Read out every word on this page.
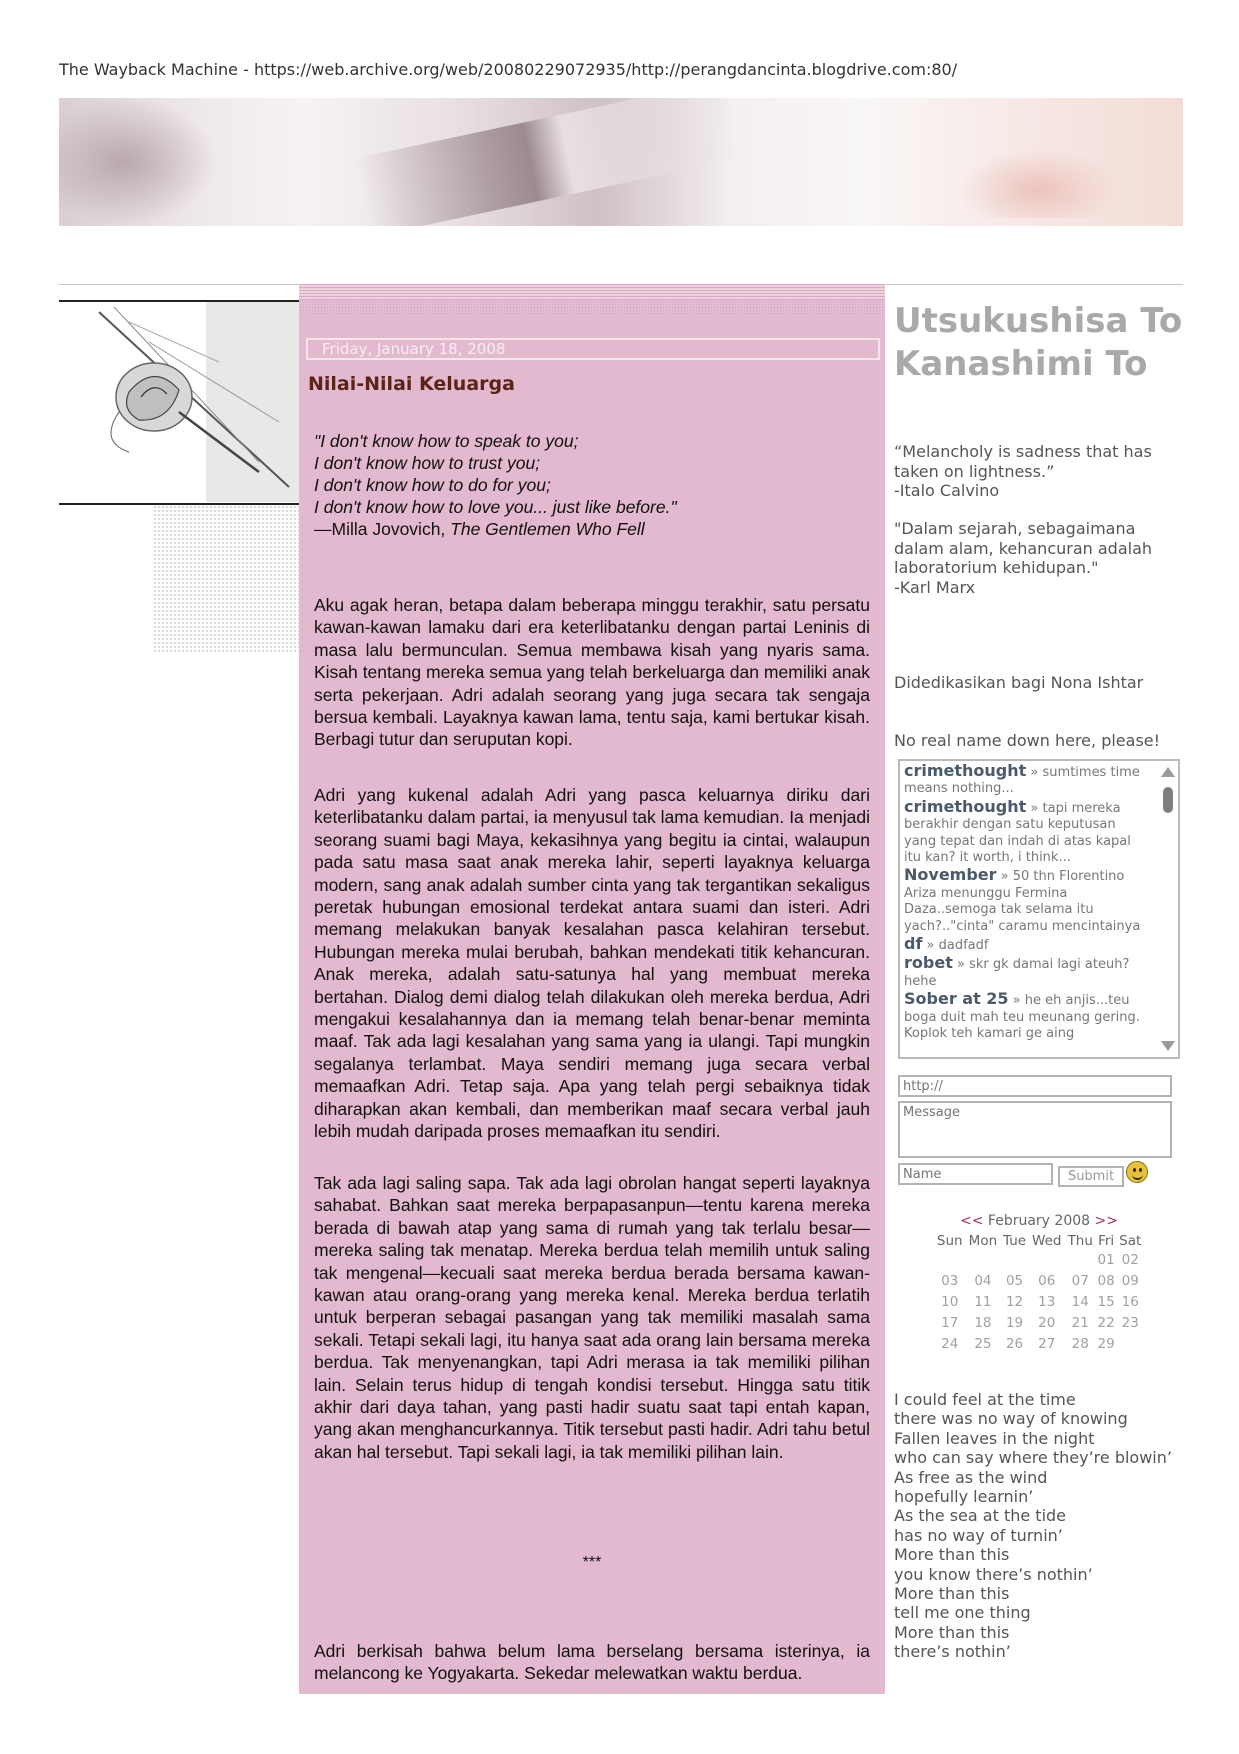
The Wayback Machine - https://web.archive.org/web/20080229072935/http://perangdancinta.blogdrive.com:80/
Friday, January 18, 2008
Nilai-Nilai Keluarga
"I don't know how to speak to you;
I don't know how to trust you;
I don't know how to do for you;
I don't know how to love you... just like before."
—Milla Jovovich, The Gentlemen Who Fell

Aku agak heran, betapa dalam beberapa minggu terakhir, satu persatu kawan-kawan lamaku dari era keterlibatanku dengan partai Leninis di masa lalu bermunculan. Semua membawa kisah yang nyaris sama. Kisah tentang mereka semua yang telah berkeluarga dan memiliki anak serta pekerjaan. Adri adalah seorang yang juga secara tak sengaja bersua kembali. Layaknya kawan lama, tentu saja, kami bertukar kisah. Berbagi tutur dan seruputan kopi.

Adri yang kukenal adalah Adri yang pasca keluarnya diriku dari keterlibatanku dalam partai, ia menyusul tak lama kemudian. Ia menjadi seorang suami bagi Maya, kekasihnya yang begitu ia cintai, walaupun pada satu masa saat anak mereka lahir, seperti layaknya keluarga modern, sang anak adalah sumber cinta yang tak tergantikan sekaligus peretak hubungan emosional terdekat antara suami dan isteri. Adri memang melakukan banyak kesalahan pasca kelahiran tersebut. Hubungan mereka mulai berubah, bahkan mendekati titik kehancuran. Anak mereka, adalah satu-satunya hal yang membuat mereka bertahan. Dialog demi dialog telah dilakukan oleh mereka berdua, Adri mengakui kesalahannya dan ia memang telah benar-benar meminta maaf. Tak ada lagi kesalahan yang sama yang ia ulangi. Tapi mungkin segalanya terlambat. Maya sendiri memang juga secara verbal memaafkan Adri. Tetap saja. Apa yang telah pergi sebaiknya tidak diharapkan akan kembali, dan memberikan maaf secara verbal jauh lebih mudah daripada proses memaafkan itu sendiri.

Tak ada lagi saling sapa. Tak ada lagi obrolan hangat seperti layaknya sahabat. Bahkan saat mereka berpapasanpun—tentu karena mereka berada di bawah atap yang sama di rumah yang tak terlalu besar—mereka saling tak menatap. Mereka berdua telah memilih untuk saling tak mengenal—kecuali saat mereka berdua berada bersama kawan-kawan atau orang-orang yang mereka kenal. Mereka berdua terlatih untuk berperan sebagai pasangan yang tak memiliki masalah sama sekali. Tetapi sekali lagi, itu hanya saat ada orang lain bersama mereka berdua. Tak menyenangkan, tapi Adri merasa ia tak memiliki pilihan lain. Selain terus hidup di tengah kondisi tersebut. Hingga satu titik akhir dari daya tahan, yang pasti hadir suatu saat tapi entah kapan, yang akan menghancurkannya. Titik tersebut pasti hadir. Adri tahu betul akan hal tersebut. Tapi sekali lagi, ia tak memiliki pilihan lain.

***

Adri berkisah bahwa belum lama berselang bersama isterinya, ia melancong ke Yogyakarta. Sekedar melewatkan waktu berdua.

Utsukushisa To
Kanashimi To
“Melancholy is sadness that has
taken on lightness.”
-Italo Calvino
"Dalam sejarah, sebagaimana
dalam alam, kehancuran adalah
laboratorium kehidupan."
-Karl Marx
Didedikasikan bagi Nona Ishtar
No real name down here, please!
crimethought » sumtimes time means nothing...
crimethought » tapi mereka berakhir dengan satu keputusan yang tepat dan indah di atas kapal itu kan? it worth, i think...
November » 50 thn Florentino Ariza menunggu Fermina Daza..semoga tak selama itu yach?.."cinta" caramu mencintainya
df » dadfadf
robet » skr gk damai lagi ateuh? hehe
Sober at 25 » he eh anjis...teu boga duit mah teu meunang gering. Koplok teh kamari ge aing
http://
Message
Name
Submit
<< February 2008 >>
Sun	Mon	Tue	Wed	Thu	Fri	Sat
					01	02
03	04	05	06	07	08	09
10	11	12	13	14	15	16
17	18	19	20	21	22	23
24	25	26	27	28	29	
I could feel at the time
there was no way of knowing
Fallen leaves in the night
who can say where they’re blowin’
As free as the wind
hopefully learnin’
As the sea at the tide
has no way of turnin’
More than this
you know there’s nothin’
More than this
tell me one thing
More than this
there’s nothin’
